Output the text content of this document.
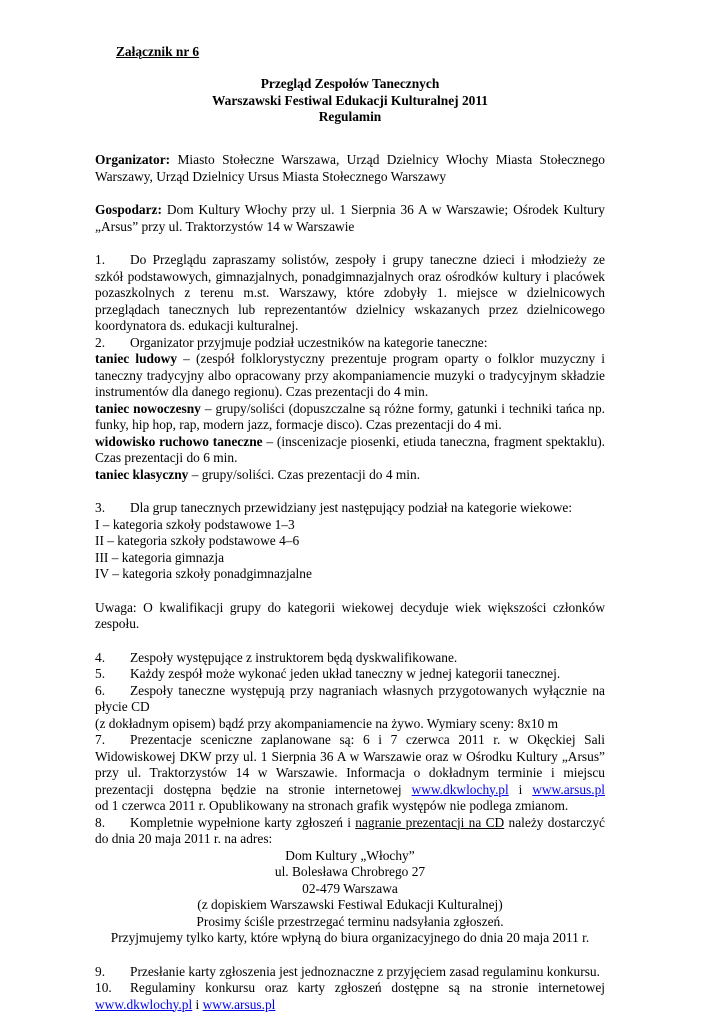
Załącznik nr 6

Przegląd Zespołów Tanecznych

Warszawski Festiwal Edukacji Kulturalnej 2011

Regulamin

Organizator: Miasto Stołeczne Warszawa, Urząd Dzielnicy Włochy Miasta Stołecznego

Warszawy, Urząd Dzielnicy Ursus Miasta Stołecznego Warszawy

Gospodarz: Dom Kultury Włochy przy ul. 1 Sierpnia 36 A w Warszawie; Ośrodek Kultury

„Arsus” przy ul. Traktorzystów 14 w Warszawie

1. Do Przeglądu zapraszamy solistów, zespoły i grupy taneczne dzieci i młodzieży ze

szkół podstawowych, gimnazjalnych, ponadgimnazjalnych oraz ośrodków kultury i placówek

pozaszkolnych z terenu m.st. Warszawy, które zdobyły 1. miejsce w dzielnicowych

przeglądach tanecznych lub reprezentantów dzielnicy wskazanych przez dzielnicowego

koordynatora ds. edukacji kulturalnej.

2. Organizator przyjmuje podział uczestników na kategorie taneczne:

taniec ludowy – (zespół folklorystyczny prezentuje program oparty o folklor muzyczny i

taneczny tradycyjny albo opracowany przy akompaniamencie muzyki o tradycyjnym składzie

instrumentów dla danego regionu). Czas prezentacji do 4 min.

taniec nowoczesny – grupy/soliści (dopuszczalne są różne formy, gatunki i techniki tańca np.

funky, hip hop, rap, modern jazz, formacje disco). Czas prezentacji do 4 mi.

widowisko ruchowo taneczne – (inscenizacje piosenki, etiuda taneczna, fragment spektaklu).

Czas prezentacji do 6 min.

taniec klasyczny – grupy/soliści. Czas prezentacji do 4 min.

3. Dla grup tanecznych przewidziany jest następujący podział na kategorie wiekowe:

I – kategoria szkoły podstawowe 1–3

II – kategoria szkoły podstawowe 4–6

III – kategoria gimnazja

IV – kategoria szkoły ponadgimnazjalne

Uwaga: O kwalifikacji grupy do kategorii wiekowej decyduje wiek większości członków

zespołu.

4. Zespoły występujące z instruktorem będą dyskwalifikowane.

5. Każdy zespół może wykonać jeden układ taneczny w jednej kategorii tanecznej.

6. Zespoły taneczne występują przy nagraniach własnych przygotowanych wyłącznie na

płycie CD

(z dokładnym opisem) bądź przy akompaniamencie na żywo. Wymiary sceny: 8x10 m

7. Prezentacje sceniczne zaplanowane są: 6 i 7 czerwca 2011 r. w Okęckiej Sali

Widowiskowej DKW przy ul. 1 Sierpnia 36 A w Warszawie oraz w Ośrodku Kultury „Arsus”

przy ul. Traktorzystów 14 w Warszawie. Informacja o dokładnym terminie i miejscu

prezentacji dostępna będzie na stronie internetowej www.dkwlochy.pl i www.arsus.pl

od 1 czerwca 2011 r. Opublikowany na stronach grafik występów nie podlega zmianom.

8. Kompletnie wypełnione karty zgłoszeń i nagranie prezentacji na CD należy dostarczyć

do dnia 20 maja 2011 r. na adres:

Dom Kultury „Włochy”

ul. Bolesława Chrobrego 27

02-479 Warszawa

(z dopiskiem Warszawski Festiwal Edukacji Kulturalnej)

Prosimy ściśle przestrzegać terminu nadsyłania zgłoszeń.

Przyjmujemy tylko karty, które wpłyną do biura organizacyjnego do dnia 20 maja 2011 r.

9. Przesłanie karty zgłoszenia jest jednoznaczne z przyjęciem zasad regulaminu konkursu.

10. Regulaminy konkursu oraz karty zgłoszeń dostępne są na stronie internetowej

www.dkwlochy.pl i www.arsus.pl
